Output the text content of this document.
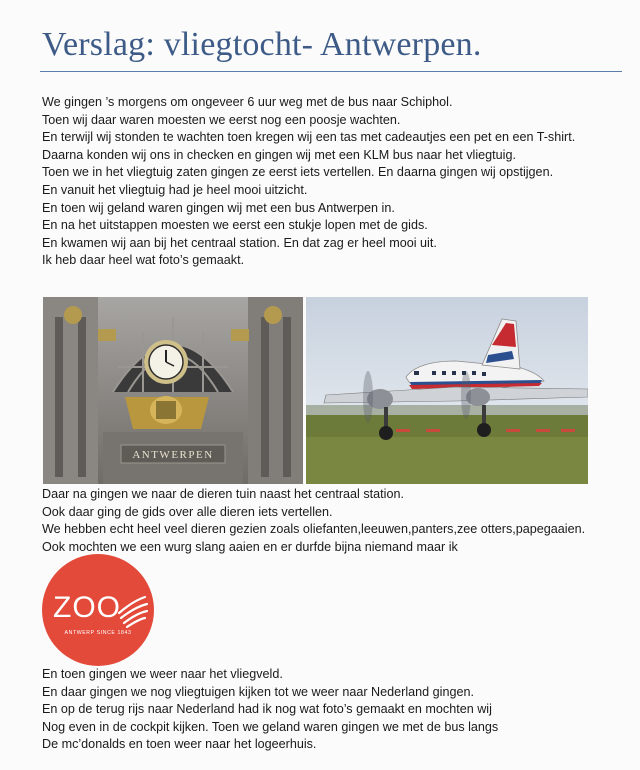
Verslag: vliegtocht- Antwerpen.
We gingen ’s morgens om ongeveer 6 uur weg met de bus naar Schiphol.
Toen wij daar waren moesten we eerst nog een poosje wachten.
En terwijl wij stonden te wachten toen kregen wij een tas met cadeautjes een pet en een T-shirt.
Daarna konden wij ons in checken en gingen wij met een KLM bus naar het vliegtuig.
Toen we in het vliegtuig zaten gingen ze eerst iets vertellen. En daarna gingen wij opstijgen.
En vanuit het vliegtuig had je heel mooi uitzicht.
En toen wij geland waren gingen wij met een bus Antwerpen in.
En na het uitstappen moesten we eerst een stukje lopen met de gids.
En kwamen wij aan bij het centraal station. En dat zag er heel mooi uit.
Ik heb daar heel wat foto’s gemaakt.
ANTWERPEN
Daar na gingen we naar de dieren tuin naast het centraal station.
Ook daar ging de gids over alle dieren iets vertellen.
We hebben echt heel veel dieren gezien zoals oliefanten,leeuwen,panters,zee otters,papegaaien.
Ook mochten we een wurg slang aaien en er durfde bijna niemand maar ik
ZOO
ANTWERP SINCE 1843
En toen gingen we weer naar het vliegveld.
En daar gingen we nog vliegtuigen kijken tot we weer naar Nederland gingen.
En op de terug rijs naar Nederland had ik nog wat foto’s gemaakt en mochten wij
Nog even in de cockpit kijken. Toen we geland waren gingen we met de bus langs
De mc’donalds en toen weer naar het logeerhuis.
